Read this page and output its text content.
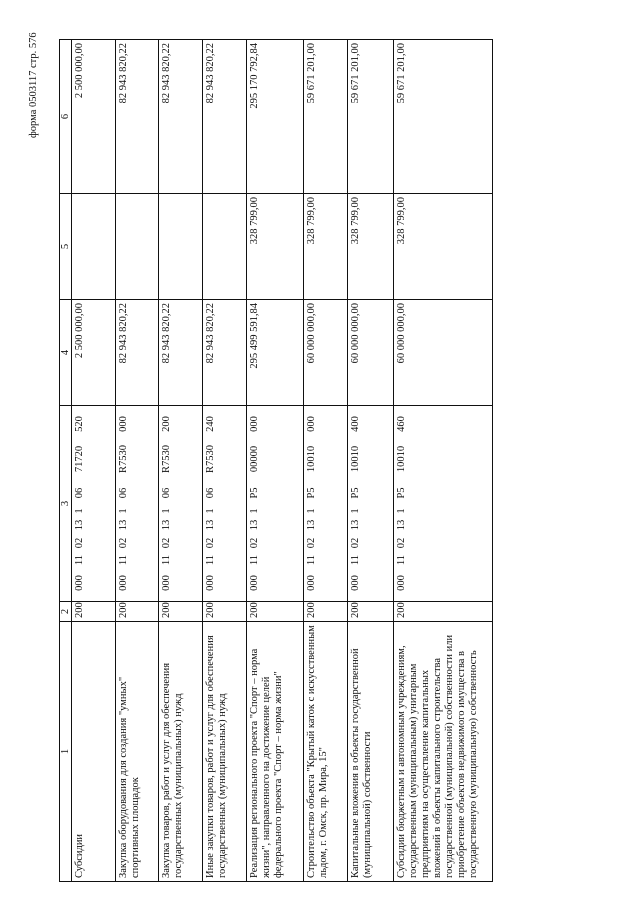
форма 0503117 стр. 576
1	2	3	4	5	6
Субсидии	200	00011021310671720520	2 500 000,00		2 500 000,00
Закупка оборудования для создания "умных" спортивных площадок	200	000110213106R7530000	82 943 820,22		82 943 820,22
Закупка товаров, работ и услуг для обеспечения государственных (муниципальных) нужд	200	000110213106R7530200	82 943 820,22		82 943 820,22
Иные закупки товаров, работ и услуг для обеспечения государственных (муниципальных) нужд	200	000110213106R7530240	82 943 820,22		82 943 820,22
Реализация регионального проекта "Спорт – норма жизни", направленного на достижение целей федерального проекта "Спорт – норма жизни"	200	0001102131P500000000	295 499 591,84	328 799,00	295 170 792,84
Строительство объекта "Крытый каток с искусственным льдом, г. Омск, пр. Мира, 15"	200	0001102131P510010000	60 000 000,00	328 799,00	59 671 201,00
Капитальные вложения в объекты государственной (муниципальной) собственности	200	0001102131P510010400	60 000 000,00	328 799,00	59 671 201,00
Субсидии бюджетным и автономным учреждениям, государственным (муниципальным) унитарным предприятиям на осуществление капитальных вложений в объекты капитального строительства государственной (муниципальной) собственности или приобретение объектов недвижимого имущества в государственную (муниципальную) собственность	200	0001102131P510010460	60 000 000,00	328 799,00	59 671 201,00
